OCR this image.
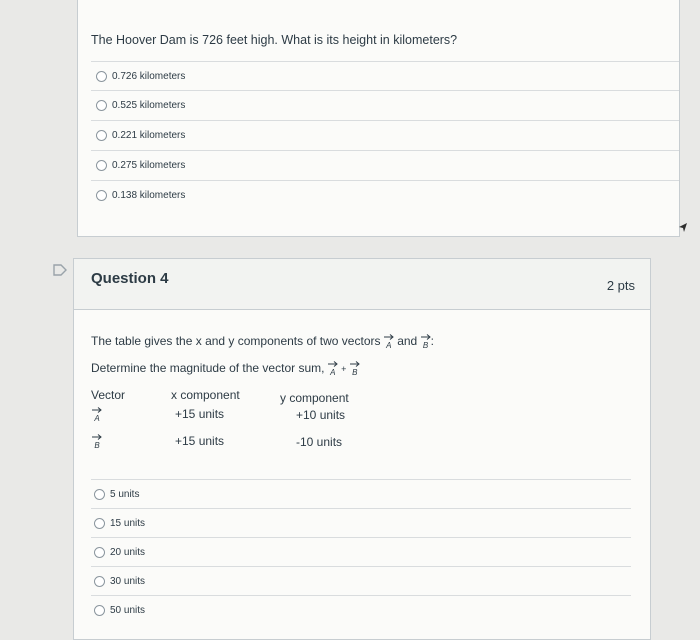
The Hoover Dam is 726 feet high. What is its height in kilometers?
0.726 kilometers
0.525 kilometers
0.221 kilometers
0.275 kilometers
0.138 kilometers
Question 4	2 pts
The table gives the x and y components of two vectors A and B :
Determine the magnitude of the vector sum, A + B
Vector	x component	y component
A	+15 units	+10 units
B	+15 units	-10 units
5 units
15 units
20 units
30 units
50 units
